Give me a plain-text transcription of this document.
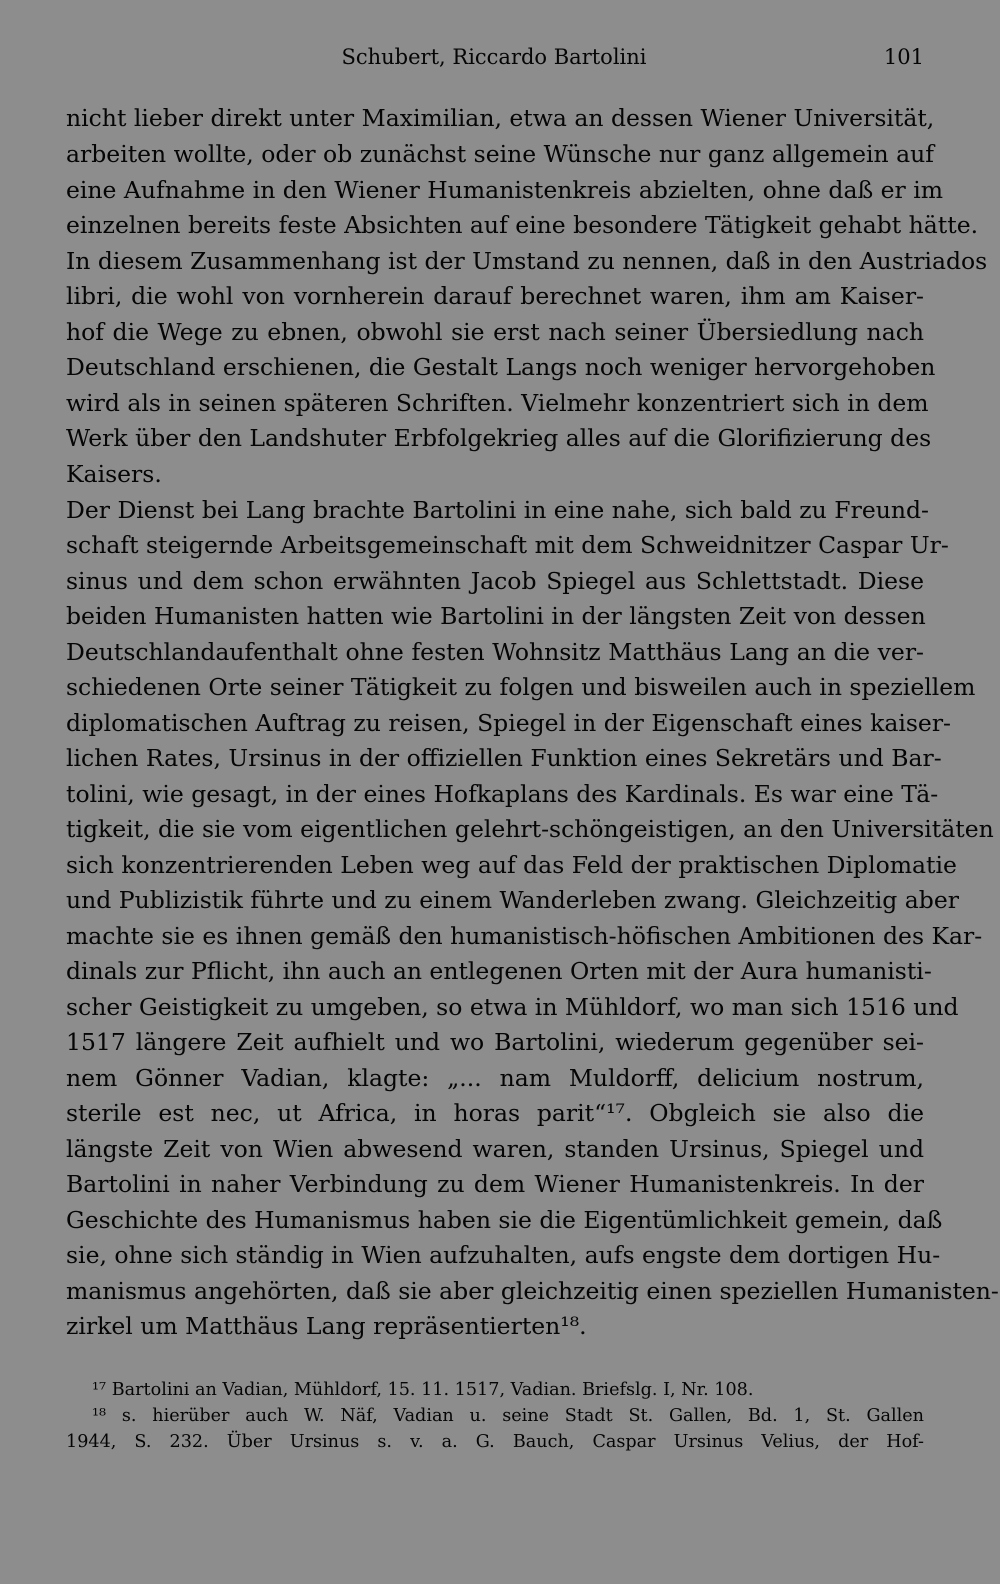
Schubert, Riccardo Bartolini	101
nicht lieber direkt unter Maximilian, etwa an dessen Wiener Universität,
arbeiten wollte, oder ob zunächst seine Wünsche nur ganz allgemein auf
eine Aufnahme in den Wiener Humanistenkreis abzielten, ohne daß er im
einzelnen bereits feste Absichten auf eine besondere Tätigkeit gehabt hätte.
In diesem Zusammenhang ist der Umstand zu nennen, daß in den Austriados
libri, die wohl von vornherein darauf berechnet waren, ihm am Kaiser-
hof die Wege zu ebnen, obwohl sie erst nach seiner Übersiedlung nach
Deutschland erschienen, die Gestalt Langs noch weniger hervorgehoben
wird als in seinen späteren Schriften. Vielmehr konzentriert sich in dem
Werk über den Landshuter Erbfolgekrieg alles auf die Glorifizierung des
Kaisers.
Der Dienst bei Lang brachte Bartolini in eine nahe, sich bald zu Freund-
schaft steigernde Arbeitsgemeinschaft mit dem Schweidnitzer Caspar Ur-
sinus und dem schon erwähnten Jacob Spiegel aus Schlettstadt. Diese
beiden Humanisten hatten wie Bartolini in der längsten Zeit von dessen
Deutschlandaufenthalt ohne festen Wohnsitz Matthäus Lang an die ver-
schiedenen Orte seiner Tätigkeit zu folgen und bisweilen auch in speziellem
diplomatischen Auftrag zu reisen, Spiegel in der Eigenschaft eines kaiser-
lichen Rates, Ursinus in der offiziellen Funktion eines Sekretärs und Bar-
tolini, wie gesagt, in der eines Hofkaplans des Kardinals. Es war eine Tä-
tigkeit, die sie vom eigentlichen gelehrt-schöngeistigen, an den Universitäten
sich konzentrierenden Leben weg auf das Feld der praktischen Diplomatie
und Publizistik führte und zu einem Wanderleben zwang. Gleichzeitig aber
machte sie es ihnen gemäß den humanistisch-höfischen Ambitionen des Kar-
dinals zur Pflicht, ihn auch an entlegenen Orten mit der Aura humanisti-
scher Geistigkeit zu umgeben, so etwa in Mühldorf, wo man sich 1516 und
1517 längere Zeit aufhielt und wo Bartolini, wiederum gegenüber sei-
nem Gönner Vadian, klagte: „... nam Muldorff, delicium nostrum,
sterile est nec, ut Africa, in horas parit“¹⁷. Obgleich sie also die
längste Zeit von Wien abwesend waren, standen Ursinus, Spiegel und
Bartolini in naher Verbindung zu dem Wiener Humanistenkreis. In der
Geschichte des Humanismus haben sie die Eigentümlichkeit gemein, daß
sie, ohne sich ständig in Wien aufzuhalten, aufs engste dem dortigen Hu-
manismus angehörten, daß sie aber gleichzeitig einen speziellen Humanisten-
zirkel um Matthäus Lang repräsentierten¹⁸.
¹⁷ Bartolini an Vadian, Mühldorf, 15. 11. 1517, Vadian. Briefslg. I, Nr. 108.
¹⁸ s. hierüber auch W. Näf, Vadian u. seine Stadt St. Gallen, Bd. 1, St. Gallen
1944, S. 232. Über Ursinus s. v. a. G. Bauch, Caspar Ursinus Velius, der Hof-
